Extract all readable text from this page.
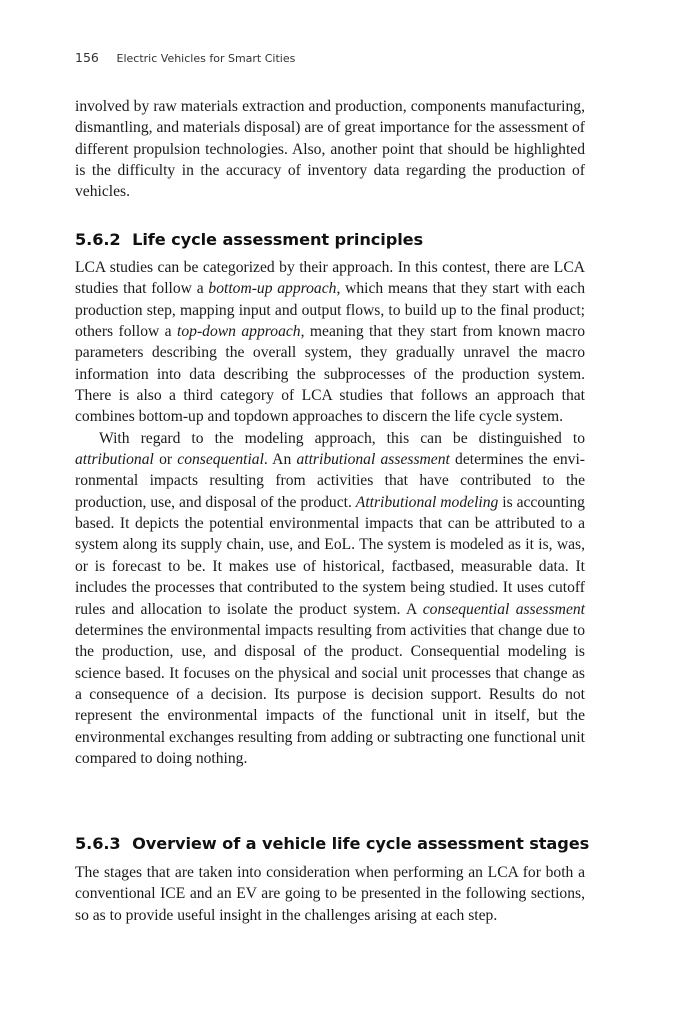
156 Electric Vehicles for Smart Cities

involved by raw materials extraction and production, components manufacturing, dismantling, and materials disposal) are of great importance for the assessment of different propulsion technologies. Also, another point that should be highlighted is the difficulty in the accuracy of inventory data regarding the production of vehicles.

5.6.2 Life cycle assessment principles

LCA studies can be categorized by their approach. In this contest, there are LCA studies that follow a bottom-up approach, which means that they start with each production step, mapping input and output flows, to build up to the final product; others follow a top-down approach, meaning that they start from known macro parameters describing the overall system, they gradually unravel the macro information into data describing the subprocesses of the production system. There is also a third category of LCA studies that follows an approach that combines bottom-up and topdown approaches to discern the life cycle system.

With regard to the modeling approach, this can be distinguished to attributional or consequential. An attributional assessment determines the environmental impacts resulting from activities that have contributed to the production, use, and disposal of the product. Attributional modeling is accounting based. It depicts the potential environmental impacts that can be attributed to a system along its supply chain, use, and EoL. The system is modeled as it is, was, or is forecast to be. It makes use of historical, factbased, measurable data. It includes the processes that contributed to the system being studied. It uses cutoff rules and allocation to isolate the product system. A consequential assessment determines the environmental impacts resulting from activities that change due to the production, use, and disposal of the product. Consequential modeling is science based. It focuses on the physical and social unit processes that change as a consequence of a decision. Its purpose is decision support. Results do not represent the environmental impacts of the functional unit in itself, but the environmental exchanges resulting from adding or subtracting one functional unit compared to doing nothing.

5.6.3 Overview of a vehicle life cycle assessment stages

The stages that are taken into consideration when performing an LCA for both a conventional ICE and an EV are going to be presented in the following sections, so as to provide useful insight in the challenges arising at each step.
